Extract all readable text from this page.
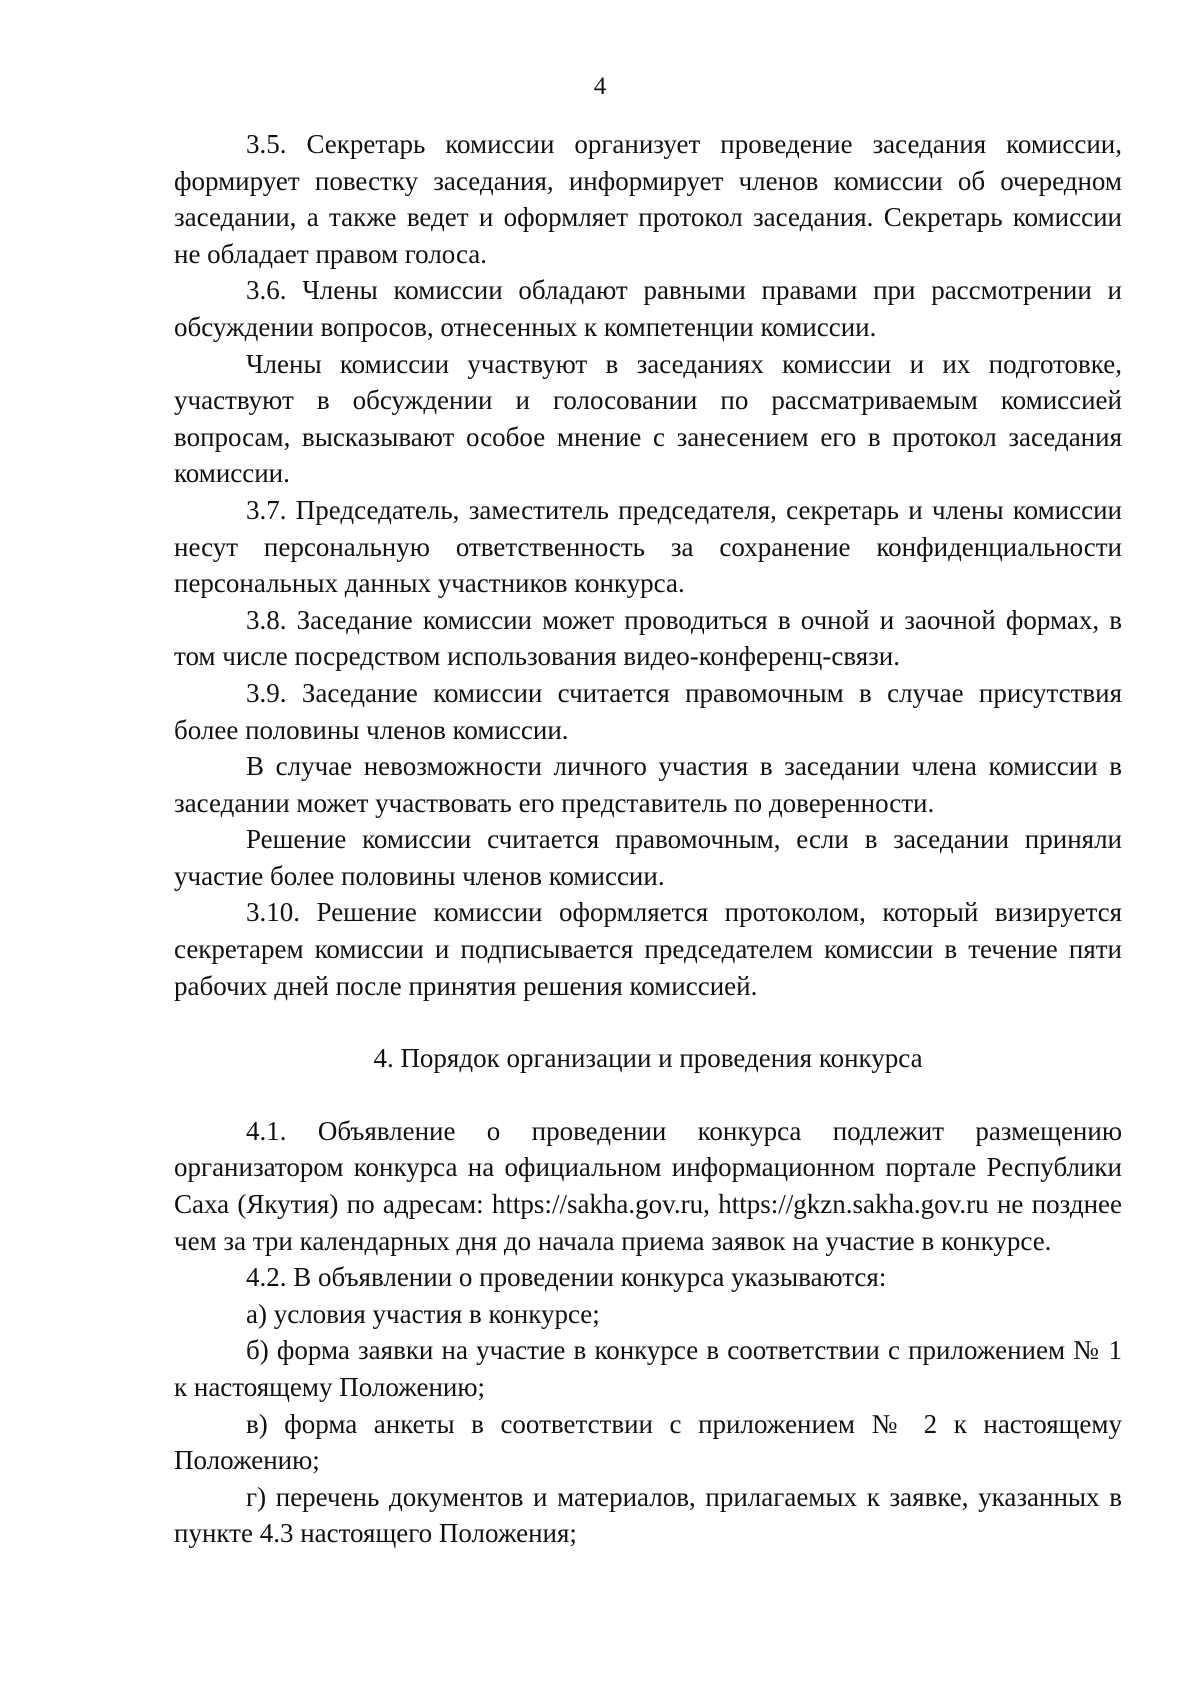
4

3.5. Секретарь комиссии организует проведение заседания комиссии, формирует повестку заседания, информирует членов комиссии об очередном заседании, а также ведет и оформляет протокол заседания. Секретарь комиссии не обладает правом голоса.

3.6. Члены комиссии обладают равными правами при рассмотрении и обсуждении вопросов, отнесенных к компетенции комиссии.

Члены комиссии участвуют в заседаниях комиссии и их подготовке, участвуют в обсуждении и голосовании по рассматриваемым комиссией вопросам, высказывают особое мнение с занесением его в протокол заседания комиссии.

3.7. Председатель, заместитель председателя, секретарь и члены комиссии несут персональную ответственность за сохранение конфиденциальности персональных данных участников конкурса.

3.8. Заседание комиссии может проводиться в очной и заочной формах, в том числе посредством использования видео-конференц-связи.

3.9. Заседание комиссии считается правомочным в случае присутствия более половины членов комиссии.

В случае невозможности личного участия в заседании члена комиссии в заседании может участвовать его представитель по доверенности.

Решение комиссии считается правомочным, если в заседании приняли участие более половины членов комиссии.

3.10. Решение комиссии оформляется протоколом, который визируется секретарем комиссии и подписывается председателем комиссии в течение пяти рабочих дней после принятия решения комиссией.

4. Порядок организации и проведения конкурса

4.1. Объявление о проведении конкурса подлежит размещению организатором конкурса на официальном информационном портале Республики Саха (Якутия) по адресам: https://sakha.gov.ru, https://gkzn.sakha.gov.ru не позднее чем за три календарных дня до начала приема заявок на участие в конкурсе.

4.2. В объявлении о проведении конкурса указываются:

а) условия участия в конкурсе;

б) форма заявки на участие в конкурсе в соответствии с приложением № 1 к настоящему Положению;

в) форма анкеты в соответствии с приложением № 2 к настоящему Положению;

г) перечень документов и материалов, прилагаемых к заявке, указанных в пункте 4.3 настоящего Положения;
